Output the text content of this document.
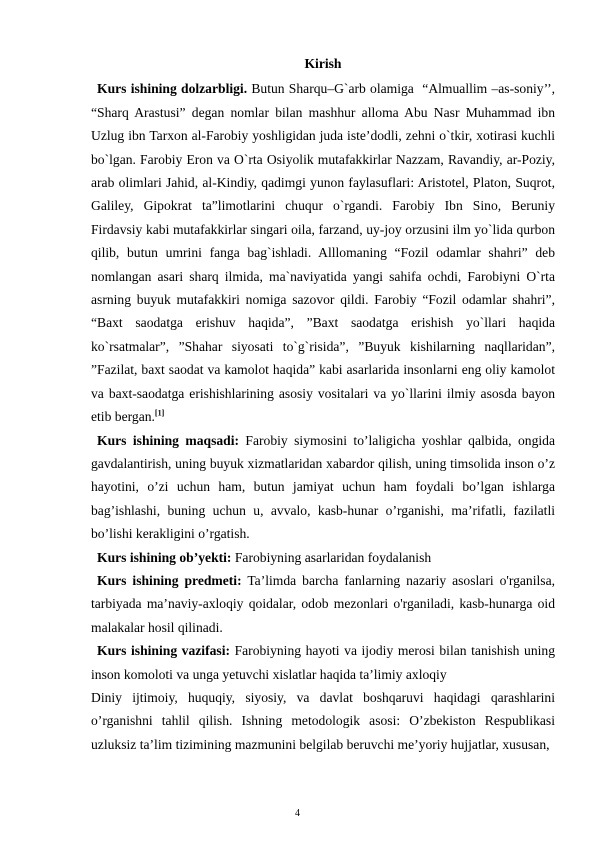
Kirish

Kurs ishining dolzarbligi. Butun Sharqu–G`arb olamiga  “Almuallim –as-soniy’’, “Sharq Arastusi” degan nomlar bilan mashhur alloma Abu Nasr Muhammad ibn Uzlug ibn Tarxon al-Farobiy yoshligidan juda iste’dodli, zehni o`tkir, xotirasi kuchli bo`lgan. Farobiy Eron va O`rta Osiyolik mutafakkirlar Nazzam, Ravandiy, ar-Poziy, arab olimlari Jahid, al-Kindiy, qadimgi yunon faylasuflari: Aristotel, Platon, Suqrot, Galiley, Gipokrat ta”limotlarini chuqur o`rgandi. Farobiy Ibn Sino, Beruniy Firdavsiy kabi mutafakkirlar singari oila, farzand, uy-joy orzusini ilm yo`lida qurbon qilib, butun umrini fanga bag`ishladi. Alllomaning “Fozil odamlar shahri” deb nomlangan asari sharq ilmida, ma`naviyatida yangi sahifa ochdi, Farobiyni O`rta asrning buyuk mutafakkiri nomiga sazovor qildi. Farobiy “Fozil odamlar shahri”, “Baxt saodatga erishuv haqida”, ”Baxt saodatga erishish yo`llari haqida ko`rsatmalar”, ”Shahar siyosati to`g`risida”, ”Buyuk kishilarning naqllaridan”, ”Fazilat, baxt saodat va kamolot haqida” kabi asarlarida insonlarni eng oliy kamolot va baxt-saodatga erishishlarining asosiy vositalari va yo`llarini ilmiy asosda bayon etib bergan.[1]

Kurs ishining maqsadi: Farobiy siymosini to’laligicha yoshlar qalbida, ongida gavdalantirish, uning buyuk xizmatlaridan xabardor qilish, uning timsolida inson o’z hayotini, o’zi uchun ham, butun jamiyat uchun ham foydali bo’lgan ishlarga bag’ishlashi, buning uchun u, avvalo, kasb-hunar o’rganishi, ma’rifatli, fazilatli bo’lishi kerakligini o’rgatish.

Kurs ishining ob’yekti: Farobiyning asarlaridan foydalanish

Kurs ishining predmeti: Ta’limda barcha fanlarning nazariy asoslari o'rganilsa, tarbiyada ma’naviy-axloqiy qoidalar, odob mezonlari o'rganiladi, kasb-hunarga oid malakalar hosil qilinadi.

Kurs ishining vazifasi: Farobiyning hayoti va ijodiy merosi bilan tanishish uning inson komoloti va unga yetuvchi xislatlar haqida ta’limiy axloqiy

Diniy ijtimoiy, huquqiy, siyosiy, va davlat boshqaruvi haqidagi qarashlarini o’rganishni tahlil qilish. Ishning metodologik asosi: O’zbekiston Respublikasi uzluksiz ta’lim tizimining mazmunini belgilab beruvchi me’yoriy hujjatlar, xususan,

4
